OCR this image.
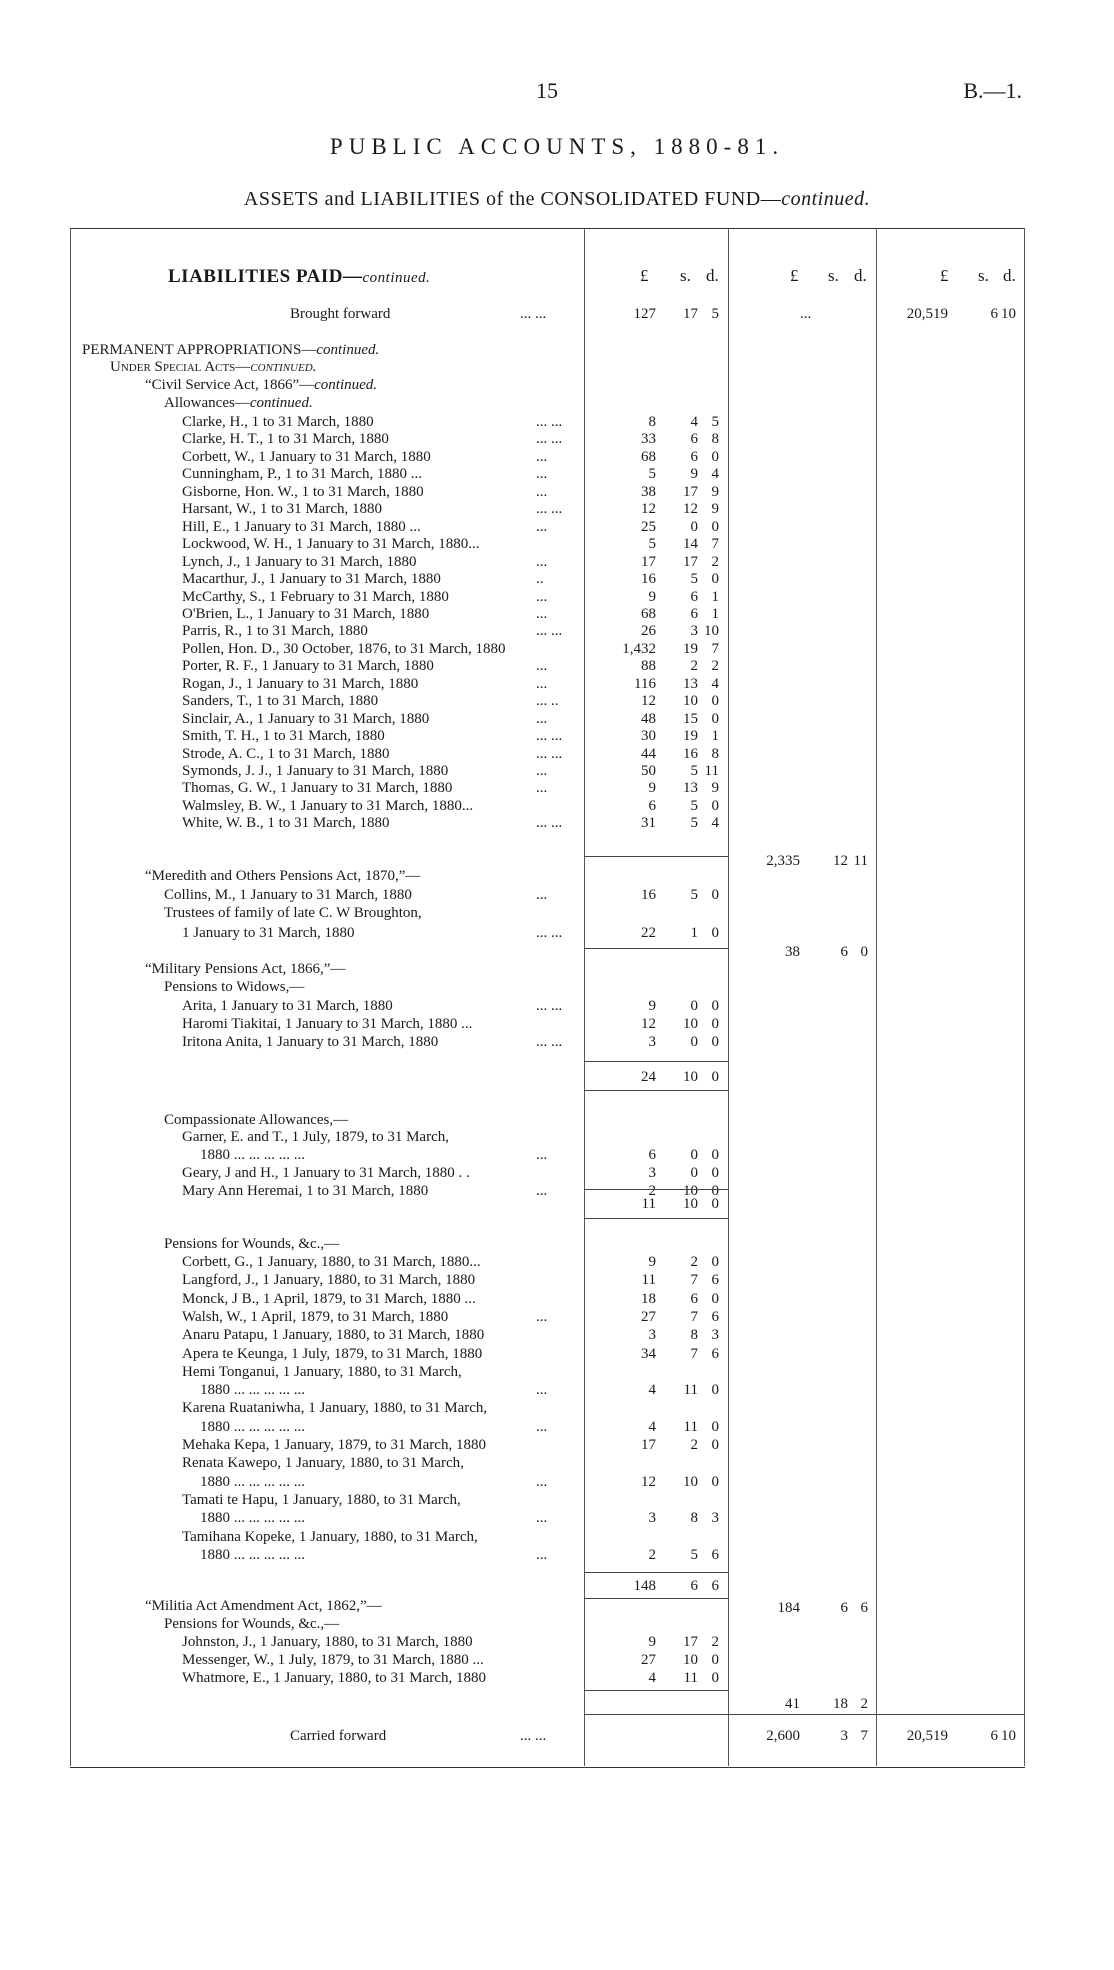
15	B.—1.
PUBLIC ACCOUNTS, 1880-81.
ASSETS and LIABILITIES of the CONSOLIDATED FUND—continued.
LIABILITIES PAID—continued.	£ s. d.	£ s. d.	£ s. d.
Brought forward	... ...	127	17 5	...	20,519	6 10
PERMANENT APPROPRIATIONS—continued.
Under Special Acts—continued.
“Civil Service Act, 1866”—continued.
Allowances—continued.
Clarke, H., 1 to 31 March, 1880	... ...	8	4 5
Clarke, H. T., 1 to 31 March, 1880	... ...	33	6 8
Corbett, W., 1 January to 31 March, 1880	...	68	6 0
Cunningham, P., 1 to 31 March, 1880 ...	...	5	9 4
Gisborne, Hon. W., 1 to 31 March, 1880	...	38	17 9
Harsant, W., 1 to 31 March, 1880	... ...	12	12 9
Hill, E., 1 January to 31 March, 1880 ...	...	25	0 0
Lockwood, W. H., 1 January to 31 March, 1880...	5	14 7
Lynch, J., 1 January to 31 March, 1880	...	17	17 2
Macarthur, J., 1 January to 31 March, 1880	..	16	5 0
McCarthy, S., 1 February to 31 March, 1880	...	9	6 1
O'Brien, L., 1 January to 31 March, 1880	...	68	6 1
Parris, R., 1 to 31 March, 1880	... ...	26	3 10
Pollen, Hon. D., 30 October, 1876, to 31 March, 1880	1,432	19 7
Porter, R. F., 1 January to 31 March, 1880	...	88	2 2
Rogan, J., 1 January to 31 March, 1880	...	116	13 4
Sanders, T., 1 to 31 March, 1880	... ..	12	10 0
Sinclair, A., 1 January to 31 March, 1880	...	48	15 0
Smith, T. H., 1 to 31 March, 1880	... ...	30	19 1
Strode, A. C., 1 to 31 March, 1880	... ...	44	16 8
Symonds, J. J., 1 January to 31 March, 1880	...	50	5 11
Thomas, G. W., 1 January to 31 March, 1880	...	9	13 9
Walmsley, B. W., 1 January to 31 March, 1880...	6	5 0
White, W. B., 1 to 31 March, 1880	... ...	31	5 4
2,335	12 11
“Meredith and Others Pensions Act, 1870,”—
Collins, M., 1 January to 31 March, 1880	...	16	5 0
Trustees of family of late C. W Broughton,
1 January to 31 March, 1880	... ...	22	1 0
38	6 0
“Military Pensions Act, 1866,”—
Pensions to Widows,—
Arita, 1 January to 31 March, 1880	... ...	9	0 0
Haromi Tiakitai, 1 January to 31 March, 1880 ...	12	10 0
Iritona Anita, 1 January to 31 March, 1880	... ...	3	0 0
24	10 0
Compassionate Allowances,—
Garner, E. and T., 1 July, 1879, to 31 March,
1880 ... ... ... ... ...	...	6	0 0
Geary, J and H., 1 January to 31 March, 1880 . .	3	0 0
Mary Ann Heremai, 1 to 31 March, 1880	...	2	10 0
11	10 0
Pensions for Wounds, &c.,—
Corbett, G., 1 January, 1880, to 31 March, 1880...	9	2 0
Langford, J., 1 January, 1880, to 31 March, 1880	11	7 6
Monck, J B., 1 April, 1879, to 31 March, 1880 ...	18	6 0
Walsh, W., 1 April, 1879, to 31 March, 1880	...	27	7 6
Anaru Patapu, 1 January, 1880, to 31 March, 1880	3	8 3
Apera te Keunga, 1 July, 1879, to 31 March, 1880	34	7 6
Hemi Tonganui, 1 January, 1880, to 31 March,
1880 ... ... ... ... ...	...	4	11 0
Karena Ruataniwha, 1 January, 1880, to 31 March,
1880 ... ... ... ... ...	...	4	11 0
Mehaka Kepa, 1 January, 1879, to 31 March, 1880	17	2 0
Renata Kawepo, 1 January, 1880, to 31 March,
1880 ... ... ... ... ...	...	12	10 0
Tamati te Hapu, 1 January, 1880, to 31 March,
1880 ... ... ... ... ...	...	3	8 3
Tamihana Kopeke, 1 January, 1880, to 31 March,
1880 ... ... ... ... ...	...	2	5 6
148	6 6
184	6 6
“Militia Act Amendment Act, 1862,”—
Pensions for Wounds, &c.,—
Johnston, J., 1 January, 1880, to 31 March, 1880	9	17 2
Messenger, W., 1 July, 1879, to 31 March, 1880 ...	27	10 0
Whatmore, E., 1 January, 1880, to 31 March, 1880	4	11 0
41	18 2
Carried forward	... ...	2,600	3 7	20,519	6 10
